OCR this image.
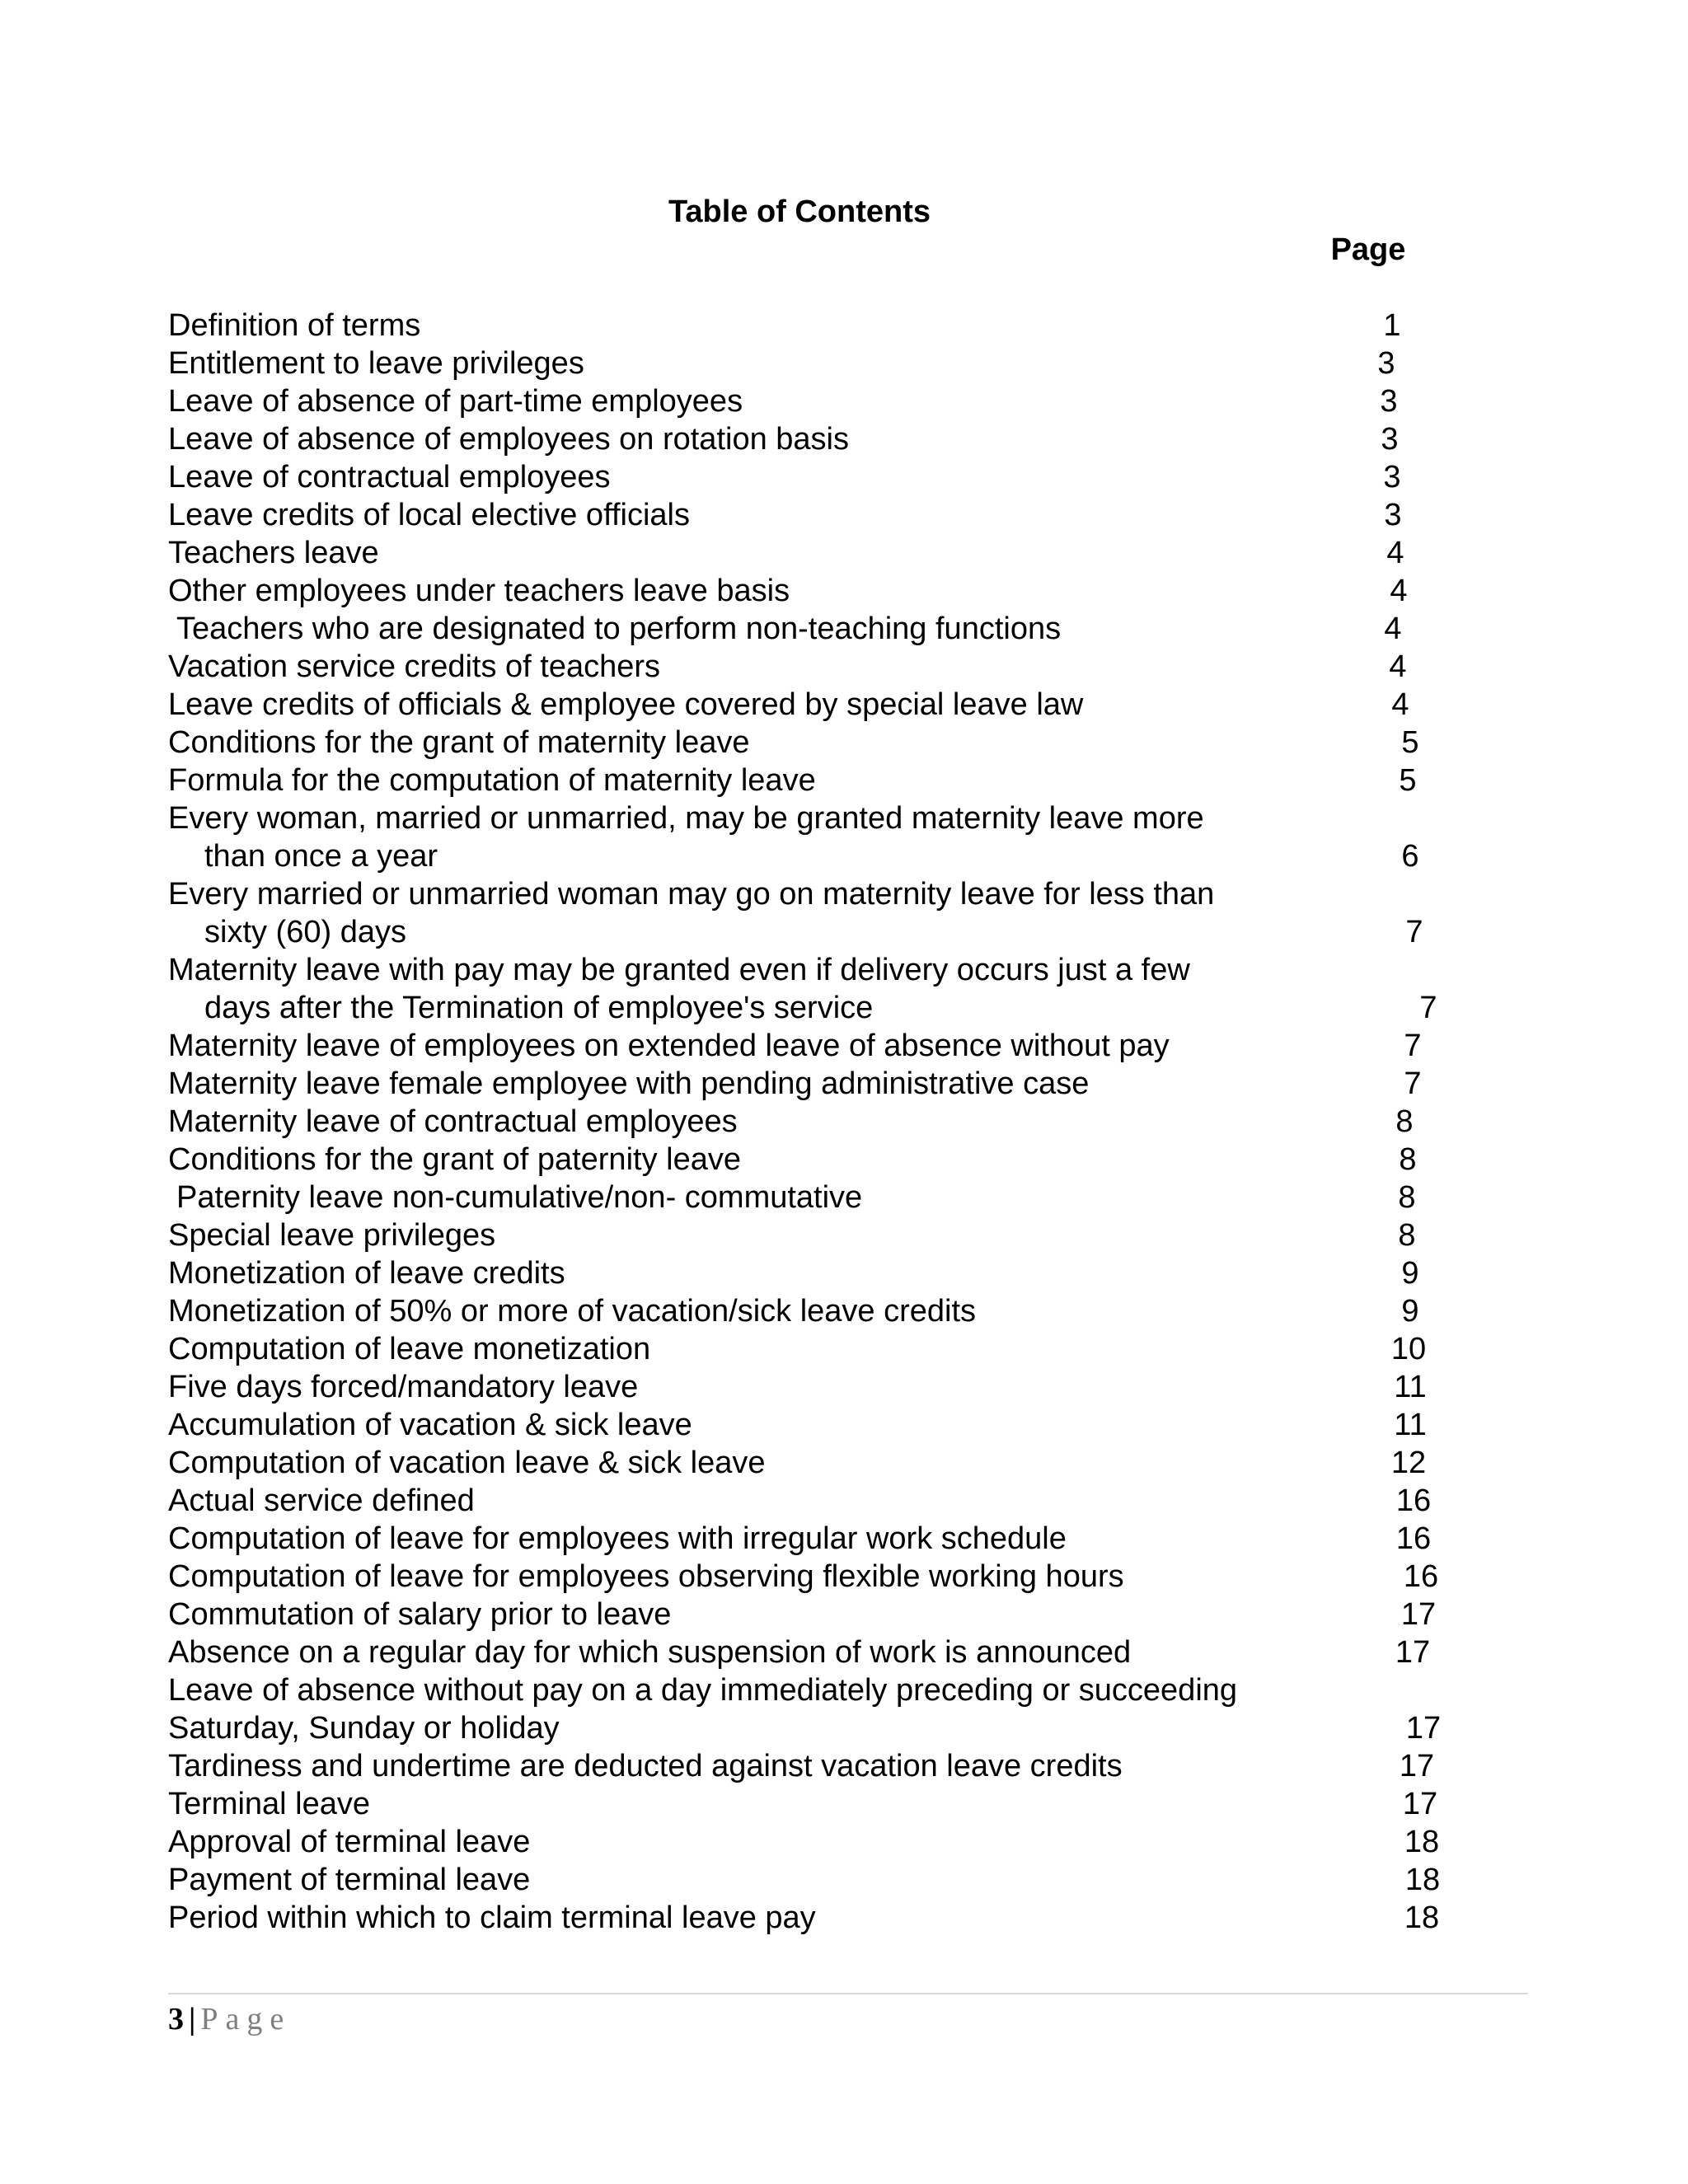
Table of Contents
Page
Definition of terms	1
Entitlement to leave privileges	3
Leave of absence of part-time employees	3
Leave of absence of employees on rotation basis	3
Leave of contractual employees	3
Leave credits of local elective officials	3
Teachers leave	4
Other employees under teachers leave basis	4
Teachers who are designated to perform non-teaching functions	4
Vacation service credits of teachers	4
Leave credits of officials & employee covered by special leave law	4
Conditions for the grant of maternity leave	5
Formula for the computation of maternity leave	5
Every woman, married or unmarried, may be granted maternity leave more
than once a year	6
Every married or unmarried woman may go on maternity leave for less than
sixty (60) days	7
Maternity leave with pay may be granted even if delivery occurs just a few
days after the Termination of employee's service	7
Maternity leave of employees on extended leave of absence without pay	7
Maternity leave female employee with pending administrative case	7
Maternity leave of contractual employees	8
Conditions for the grant of paternity leave	8
Paternity leave non-cumulative/non- commutative	8
Special leave privileges	8
Monetization of leave credits	9
Monetization of 50% or more of vacation/sick leave credits	9
Computation of leave monetization	10
Five days forced/mandatory leave	11
Accumulation of vacation & sick leave	11
Computation of vacation leave & sick leave	12
Actual service defined	16
Computation of leave for employees with irregular work schedule	16
Computation of leave for employees observing flexible working hours	16
Commutation of salary prior to leave	17
Absence on a regular day for which suspension of work is announced	17
Leave of absence without pay on a day immediately preceding or succeeding
Saturday, Sunday or holiday	17
Tardiness and undertime are deducted against vacation leave credits	17
Terminal leave	17
Approval of terminal leave	18
Payment of terminal leave	18
Period within which to claim terminal leave pay	18
3 | Page
